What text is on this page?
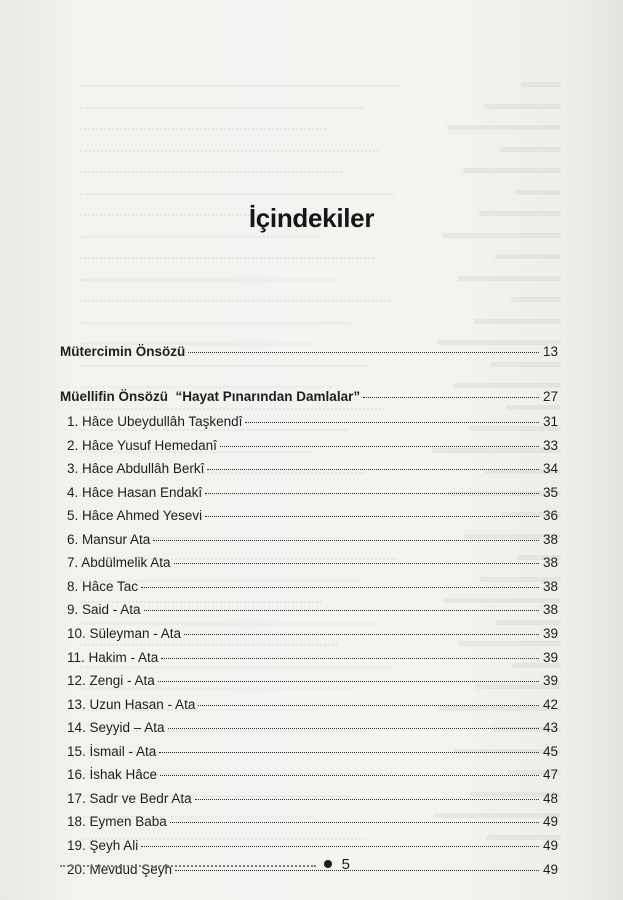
İçindekiler
Mütercimin Önsözü	13
Müellifin Önsözü “Hayat Pınarından Damlalar”	27
1. Hâce Ubeydullâh Taşkendî	31
2. Hâce Yusuf Hemedanî	33
3. Hâce Abdullâh Berkî	34
4. Hâce Hasan Endakî	35
5. Hâce Ahmed Yesevi	36
6. Mansur Ata	38
7. Abdülmelik Ata	38
8. Hâce Tac	38
9. Said - Ata	38
10. Süleyman - Ata	39
11. Hakim - Ata	39
12. Zengi - Ata	39
13. Uzun Hasan - Ata	42
14. Seyyid – Ata	43
15. İsmail - Ata	45
16. İshak Hâce	47
17. Sadr ve Bedr Ata	48
18. Eymen Baba	49
19. Şeyh Ali	49
20. Mevdud Şeyh	49
5
